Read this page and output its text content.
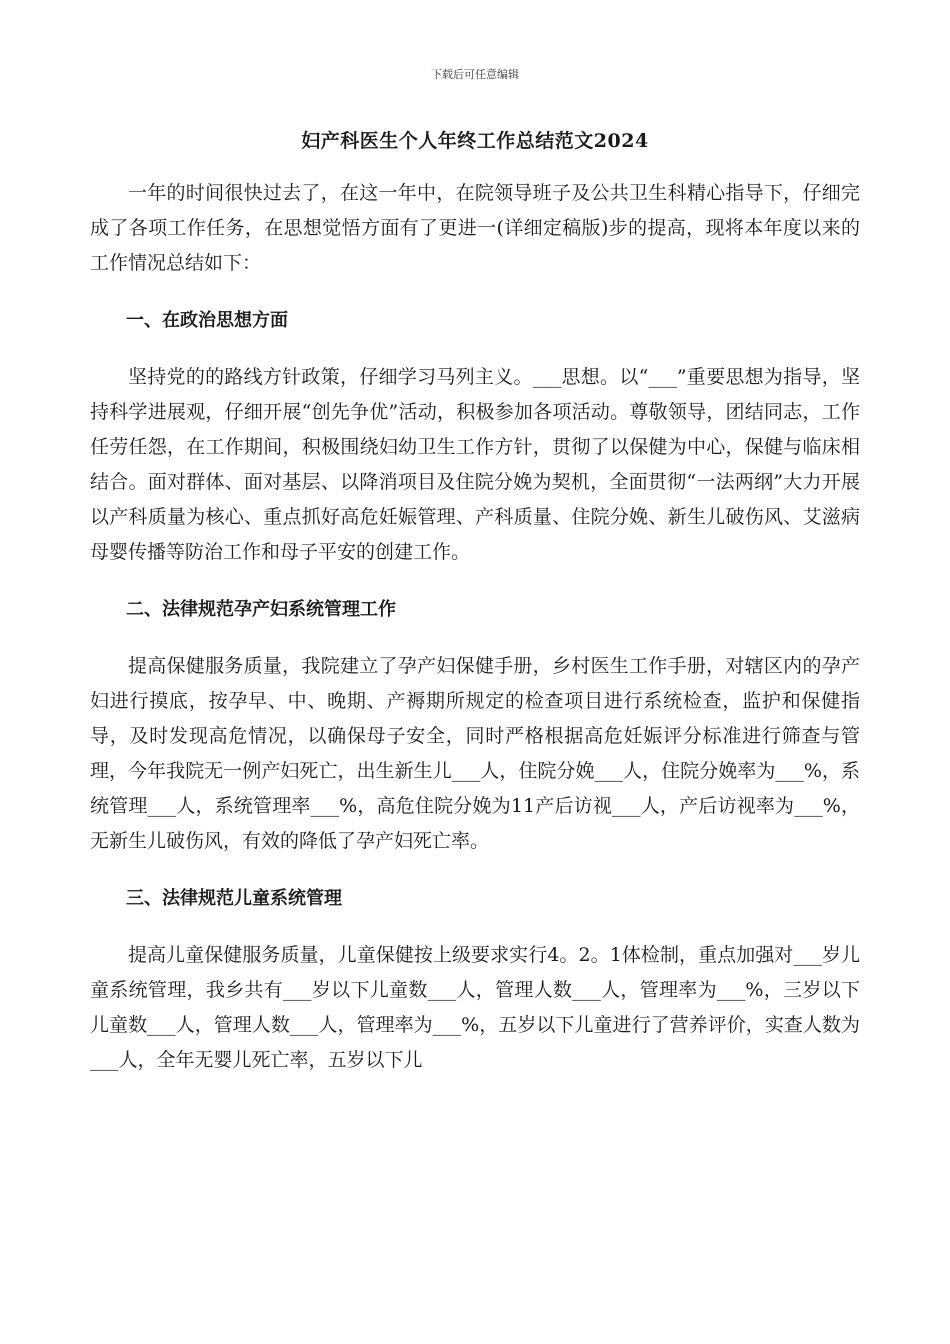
下载后可任意编辑
妇产科医生个人年终工作总结范文2024

一年的时间很快过去了，在这一年中，在院领导班子及公共卫生科精心指导下，仔细完成了各项工作任务，在思想觉悟方面有了更进一(详细定稿版)步的提高，现将本年度以来的工作情况总结如下：

一、在政治思想方面

坚持党的的路线方针政策，仔细学习马列主义。___思想。以“___”重要思想为指导，坚持科学进展观，仔细开展“创先争优”活动，积极参加各项活动。尊敬领导，团结同志，工作任劳任怨，在工作期间，积极围绕妇幼卫生工作方针，贯彻了以保健为中心，保健与临床相结合。面对群体、面对基层、以降消项目及住院分娩为契机，全面贯彻“一法两纲”大力开展以产科质量为核心、重点抓好高危妊娠管理、产科质量、住院分娩、新生儿破伤风、艾滋病母婴传播等防治工作和母子平安的创建工作。

二、法律规范孕产妇系统管理工作

提高保健服务质量，我院建立了孕产妇保健手册，乡村医生工作手册，对辖区内的孕产妇进行摸底，按孕早、中、晚期、产褥期所规定的检查项目进行系统检查，监护和保健指导，及时发现高危情况，以确保母子安全，同时严格根据高危妊娠评分标准进行筛查与管理，今年我院无一例产妇死亡，出生新生儿___人，住院分娩___人，住院分娩率为___%，系统管理___人，系统管理率___%，高危住院分娩为11产后访视___人，产后访视率为___%，无新生儿破伤风，有效的降低了孕产妇死亡率。

三、法律规范儿童系统管理

提高儿童保健服务质量，儿童保健按上级要求实行4。2。1体检制，重点加强对___岁儿童系统管理，我乡共有___岁以下儿童数___人，管理人数___人，管理率为___%，三岁以下儿童数___人，管理人数___人，管理率为___%，五岁以下儿童进行了营养评价，实查人数为___人，全年无婴儿死亡率，五岁以下儿
